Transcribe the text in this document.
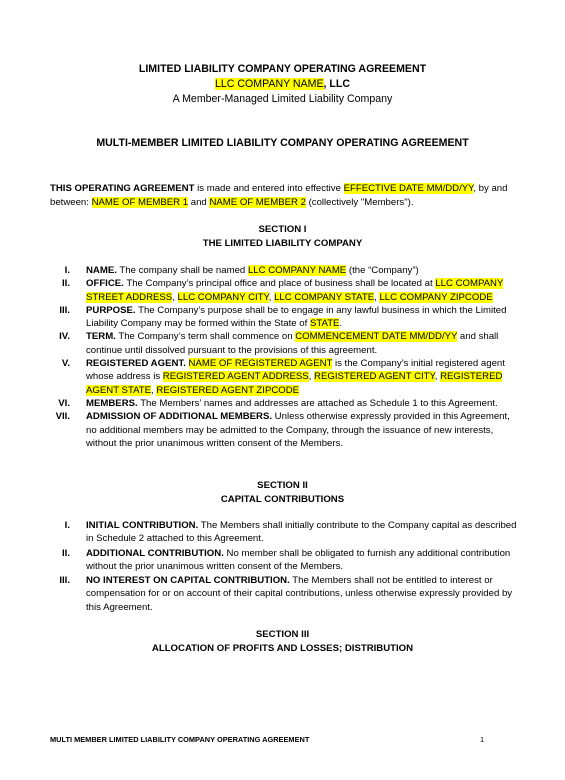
LIMITED LIABILITY COMPANY OPERATING AGREEMENT
LLC COMPANY NAME, LLC
A Member-Managed Limited Liability Company
MULTI-MEMBER LIMITED LIABILITY COMPANY OPERATING AGREEMENT
THIS OPERATING AGREEMENT is made and entered into effective EFFECTIVE DATE MM/DD/YY, by and between: NAME OF MEMBER 1 and NAME OF MEMBER 2 (collectively "Members").
SECTION I
THE LIMITED LIABILITY COMPANY
I. NAME. The company shall be named LLC COMPANY NAME (the “Company”)
II. OFFICE. The Company’s principal office and place of business shall be located at LLC COMPANY STREET ADDRESS, LLC COMPANY CITY, LLC COMPANY STATE, LLC COMPANY ZIPCODE
III. PURPOSE. The Company’s purpose shall be to engage in any lawful business in which the Limited Liability Company may be formed within the State of STATE.
IV. TERM. The Company’s term shall commence on COMMENCEMENT DATE MM/DD/YY and shall continue until dissolved pursuant to the provisions of this agreement.
V. REGISTERED AGENT. NAME OF REGISTERED AGENT is the Company’s initial registered agent whose address is REGISTERED AGENT ADDRESS, REGISTERED AGENT CITY, REGISTERED AGENT STATE, REGISTERED AGENT ZIPCODE
VI. MEMBERS. The Members’ names and addresses are attached as Schedule 1 to this Agreement.
VII. ADMISSION OF ADDITIONAL MEMBERS. Unless otherwise expressly provided in this Agreement, no additional members may be admitted to the Company, through the issuance of new interests, without the prior unanimous written consent of the Members.
SECTION II
CAPITAL CONTRIBUTIONS
I. INITIAL CONTRIBUTION. The Members shall initially contribute to the Company capital as described in Schedule 2 attached to this Agreement.
II. ADDITIONAL CONTRIBUTION. No member shall be obligated to furnish any additional contribution without the prior unanimous written consent of the Members.
III. NO INTEREST ON CAPITAL CONTRIBUTION. The Members shall not be entitled to interest or compensation for or on account of their capital contributions, unless otherwise expressly provided by this Agreement.
SECTION III
ALLOCATION OF PROFITS AND LOSSES; DISTRIBUTION
MULTI MEMBER LIMITED LIABILITY COMPANY OPERATING AGREEMENT	1
